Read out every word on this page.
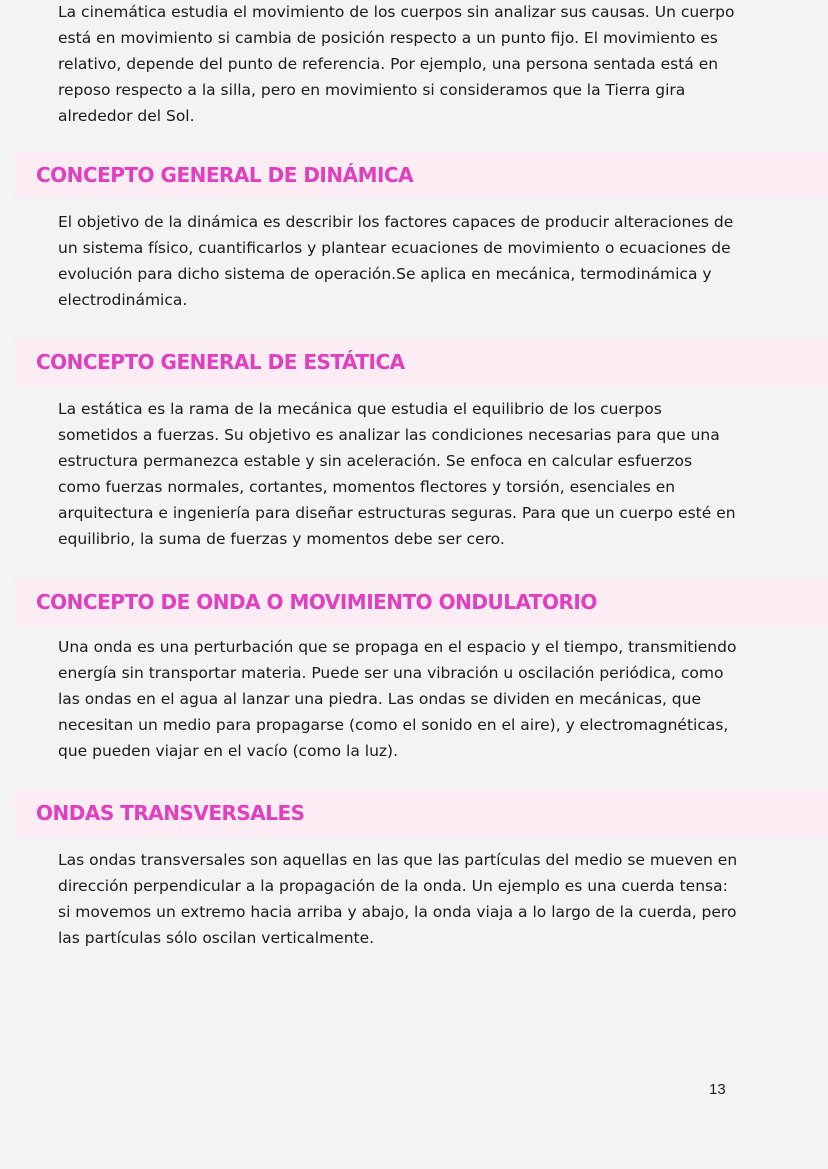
La cinemática estudia el movimiento de los cuerpos sin analizar sus causas. Un cuerpo está en movimiento si cambia de posición respecto a un punto fijo. El movimiento es relativo, depende del punto de referencia. Por ejemplo, una persona sentada está en reposo respecto a la silla, pero en movimiento si consideramos que la Tierra gira alrededor del Sol.

CONCEPTO GENERAL DE DINÁMICA

El objetivo de la dinámica es describir los factores capaces de producir alteraciones de un sistema físico, cuantificarlos y plantear ecuaciones de movimiento o ecuaciones de evolución para dicho sistema de operación.Se aplica en mecánica, termodinámica y electrodinámica.

CONCEPTO GENERAL DE ESTÁTICA

La estática es la rama de la mecánica que estudia el equilibrio de los cuerpos sometidos a fuerzas. Su objetivo es analizar las condiciones necesarias para que una estructura permanezca estable y sin aceleración. Se enfoca en calcular esfuerzos como fuerzas normales, cortantes, momentos flectores y torsión, esenciales en arquitectura e ingeniería para diseñar estructuras seguras. Para que un cuerpo esté en equilibrio, la suma de fuerzas y momentos debe ser cero.

CONCEPTO DE ONDA O MOVIMIENTO ONDULATORIO

Una onda es una perturbación que se propaga en el espacio y el tiempo, transmitiendo energía sin transportar materia. Puede ser una vibración u oscilación periódica, como las ondas en el agua al lanzar una piedra. Las ondas se dividen en mecánicas, que necesitan un medio para propagarse (como el sonido en el aire), y electromagnéticas, que pueden viajar en el vacío (como la luz).

ONDAS TRANSVERSALES

Las ondas transversales son aquellas en las que las partículas del medio se mueven en dirección perpendicular a la propagación de la onda. Un ejemplo es una cuerda tensa: si movemos un extremo hacia arriba y abajo, la onda viaja a lo largo de la cuerda, pero las partículas sólo oscilan verticalmente.

13
